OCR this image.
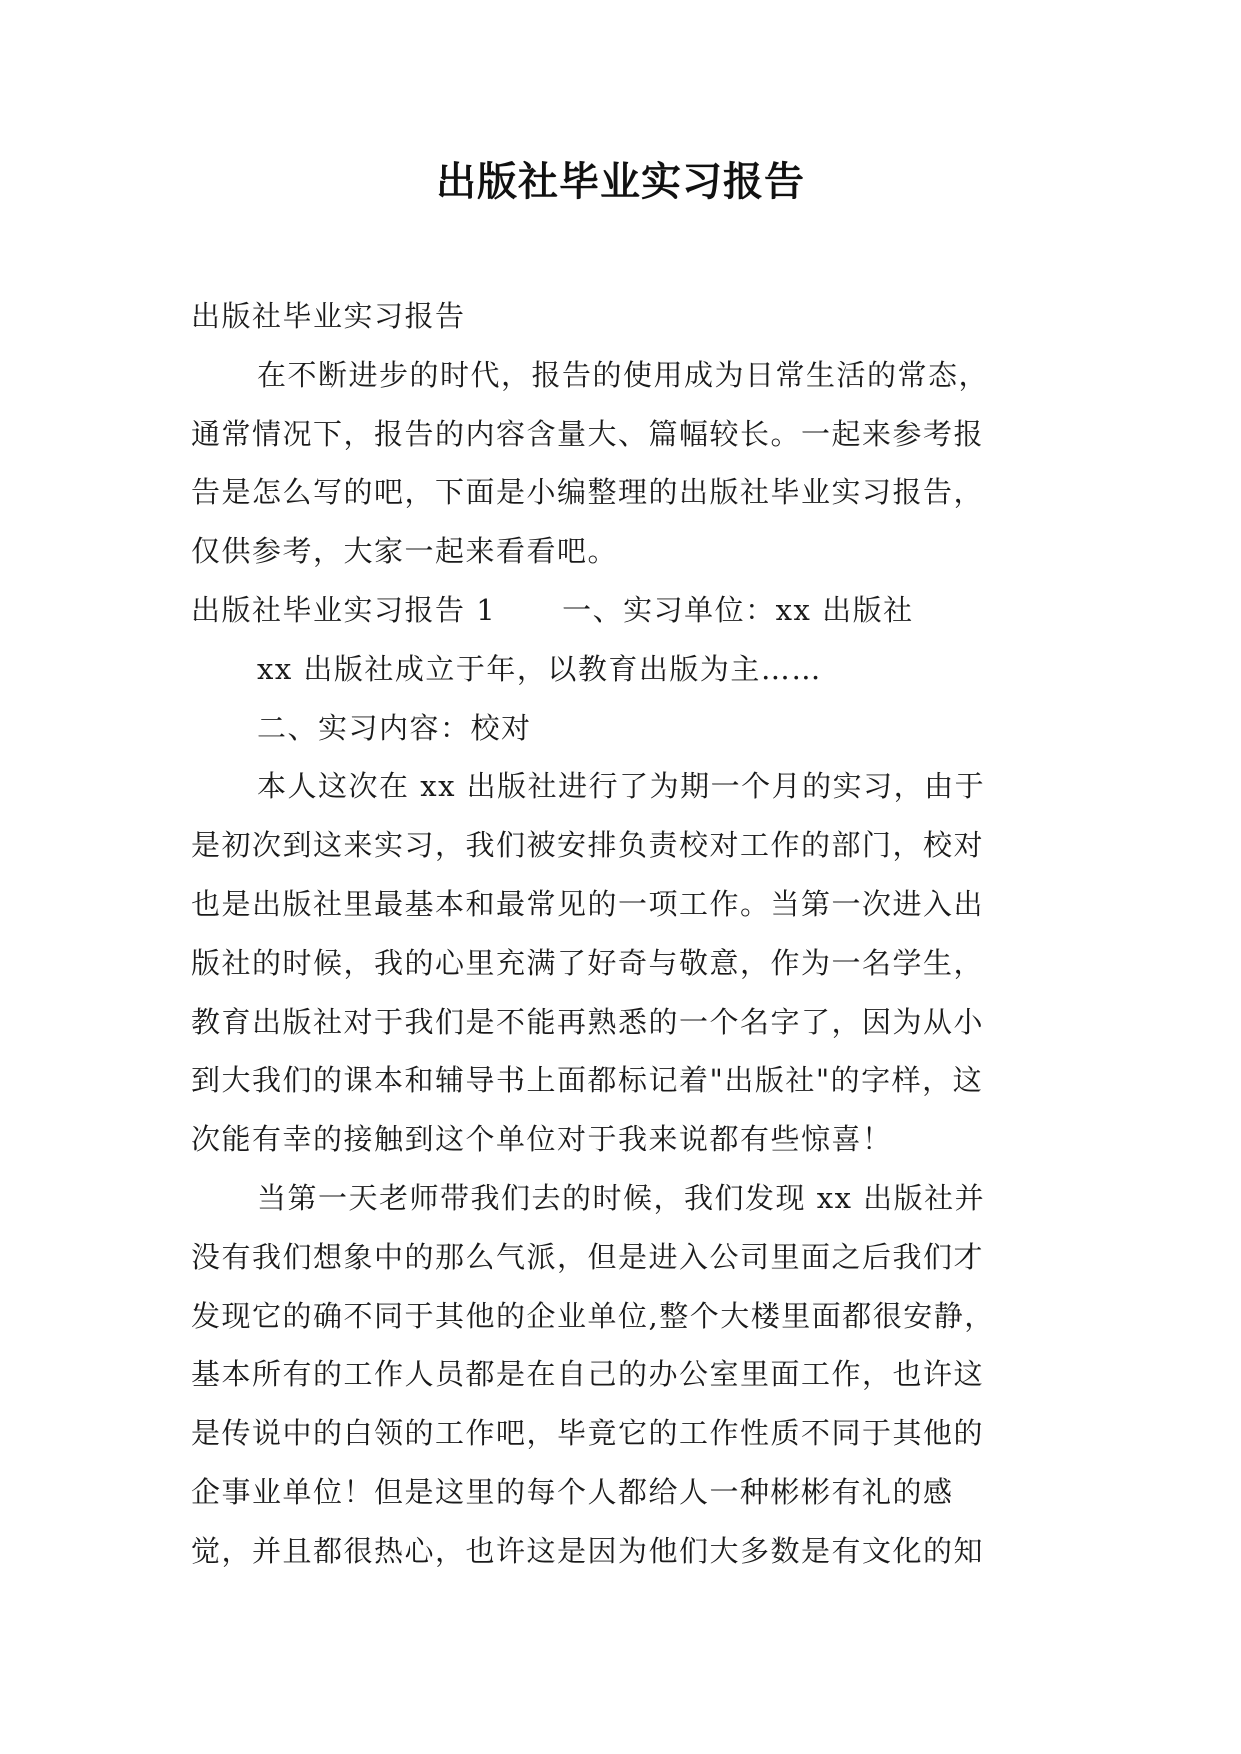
出版社毕业实习报告
出版社毕业实习报告
在不断进步的时代，报告的使用成为日常生活的常态，
通常情况下，报告的内容含量大、篇幅较长。一起来参考报
告是怎么写的吧，下面是小编整理的出版社毕业实习报告，
仅供参考，大家一起来看看吧。
出版社毕业实习报告 1 一、实习单位：xx 出版社
xx 出版社成立于年，以教育出版为主……
二、实习内容：校对
本人这次在 xx 出版社进行了为期一个月的实习，由于
是初次到这来实习，我们被安排负责校对工作的部门，校对
也是出版社里最基本和最常见的一项工作。当第一次进入出
版社的时候，我的心里充满了好奇与敬意，作为一名学生，
教育出版社对于我们是不能再熟悉的一个名字了，因为从小
到大我们的课本和辅导书上面都标记着"出版社"的字样，这
次能有幸的接触到这个单位对于我来说都有些惊喜！
当第一天老师带我们去的时候，我们发现 xx 出版社并
没有我们想象中的那么气派，但是进入公司里面之后我们才
发现它的确不同于其他的企业单位,整个大楼里面都很安静，
基本所有的工作人员都是在自己的办公室里面工作，也许这
是传说中的白领的工作吧，毕竟它的工作性质不同于其他的
企事业单位！但是这里的每个人都给人一种彬彬有礼的感
觉，并且都很热心，也许这是因为他们大多数是有文化的知
